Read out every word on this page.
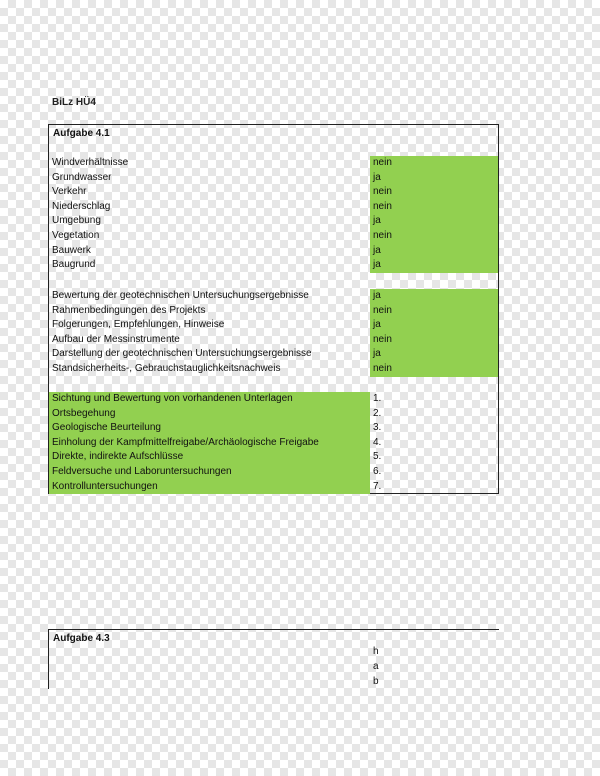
BiLz HÜ4
Aufgabe 4.1
Windverhältnisse	nein
Grundwasser	ja
Verkehr	nein
Niederschlag	nein
Umgebung	ja
Vegetation	nein
Bauwerk	ja
Baugrund	ja
Bewertung der geotechnischen Untersuchungsergebnisse	ja
Rahmenbedingungen des Projekts	nein
Folgerungen, Empfehlungen, Hinweise	ja
Aufbau der Messinstrumente	nein
Darstellung der geotechnischen Untersuchungsergebnisse	ja
Standsicherheits-, Gebrauchstauglichkeitsnachweis	nein
Sichtung und Bewertung von vorhandenen Unterlagen	1.
Ortsbegehung	2.
Geologische Beurteilung	3.
Einholung der Kampfmittelfreigabe/Archäologische Freigabe	4.
Direkte, indirekte Aufschlüsse	5.
Feldversuche und Laboruntersuchungen	6.
Kontrolluntersuchungen	7.
Aufgabe 4.3
h
a
b
